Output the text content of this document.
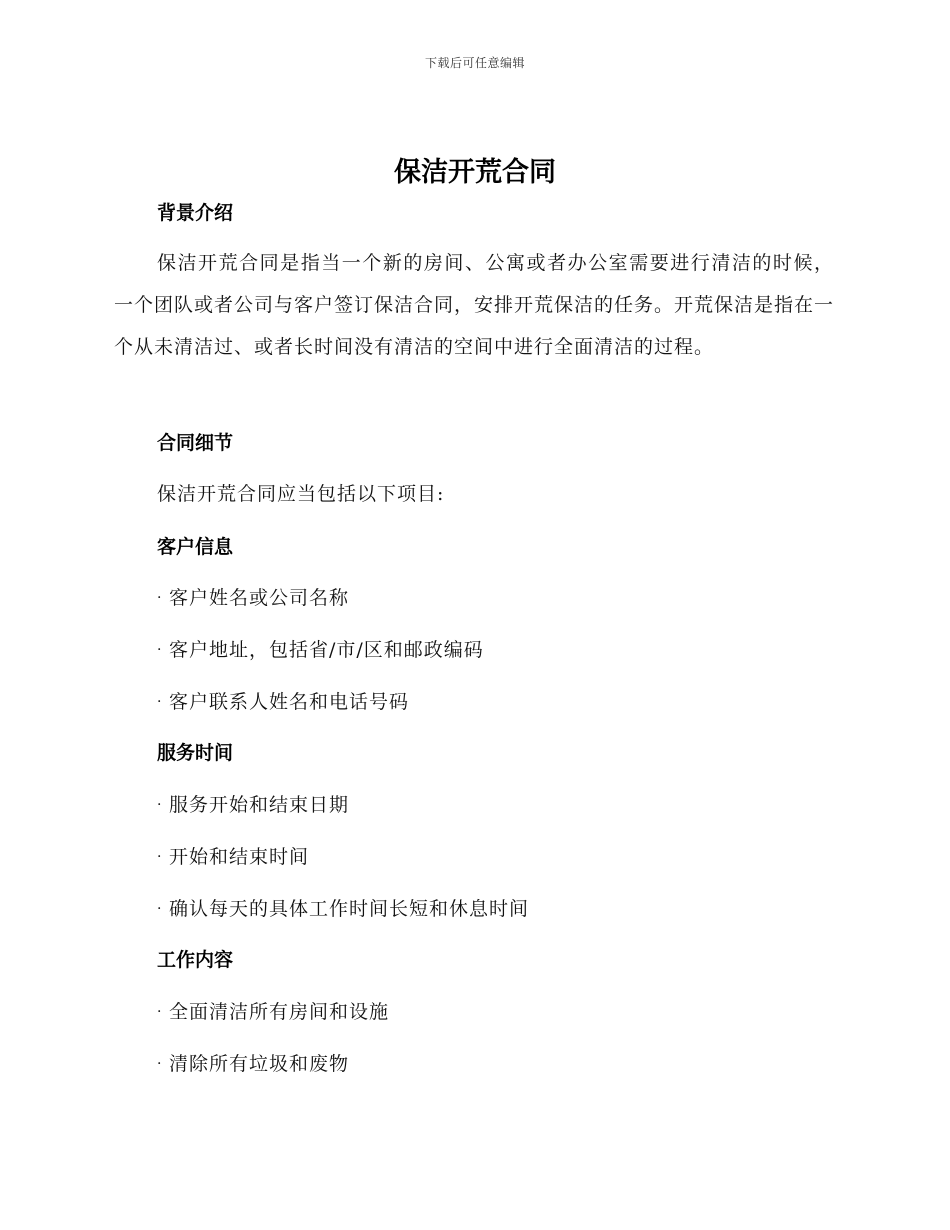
下载后可任意编辑
保洁开荒合同
背景介绍

保洁开荒合同是指当一个新的房间、公寓或者办公室需要进行清洁的时候，一个团队或者公司与客户签订保洁合同，安排开荒保洁的任务。开荒保洁是指在一个从未清洁过、或者长时间没有清洁的空间中进行全面清洁的过程。

合同细节

保洁开荒合同应当包括以下项目:

客户信息

· 客户姓名或公司名称

· 客户地址，包括省/市/区和邮政编码

· 客户联系人姓名和电话号码

服务时间

· 服务开始和结束日期

· 开始和结束时间

· 确认每天的具体工作时间长短和休息时间

工作内容

· 全面清洁所有房间和设施

· 清除所有垃圾和废物
